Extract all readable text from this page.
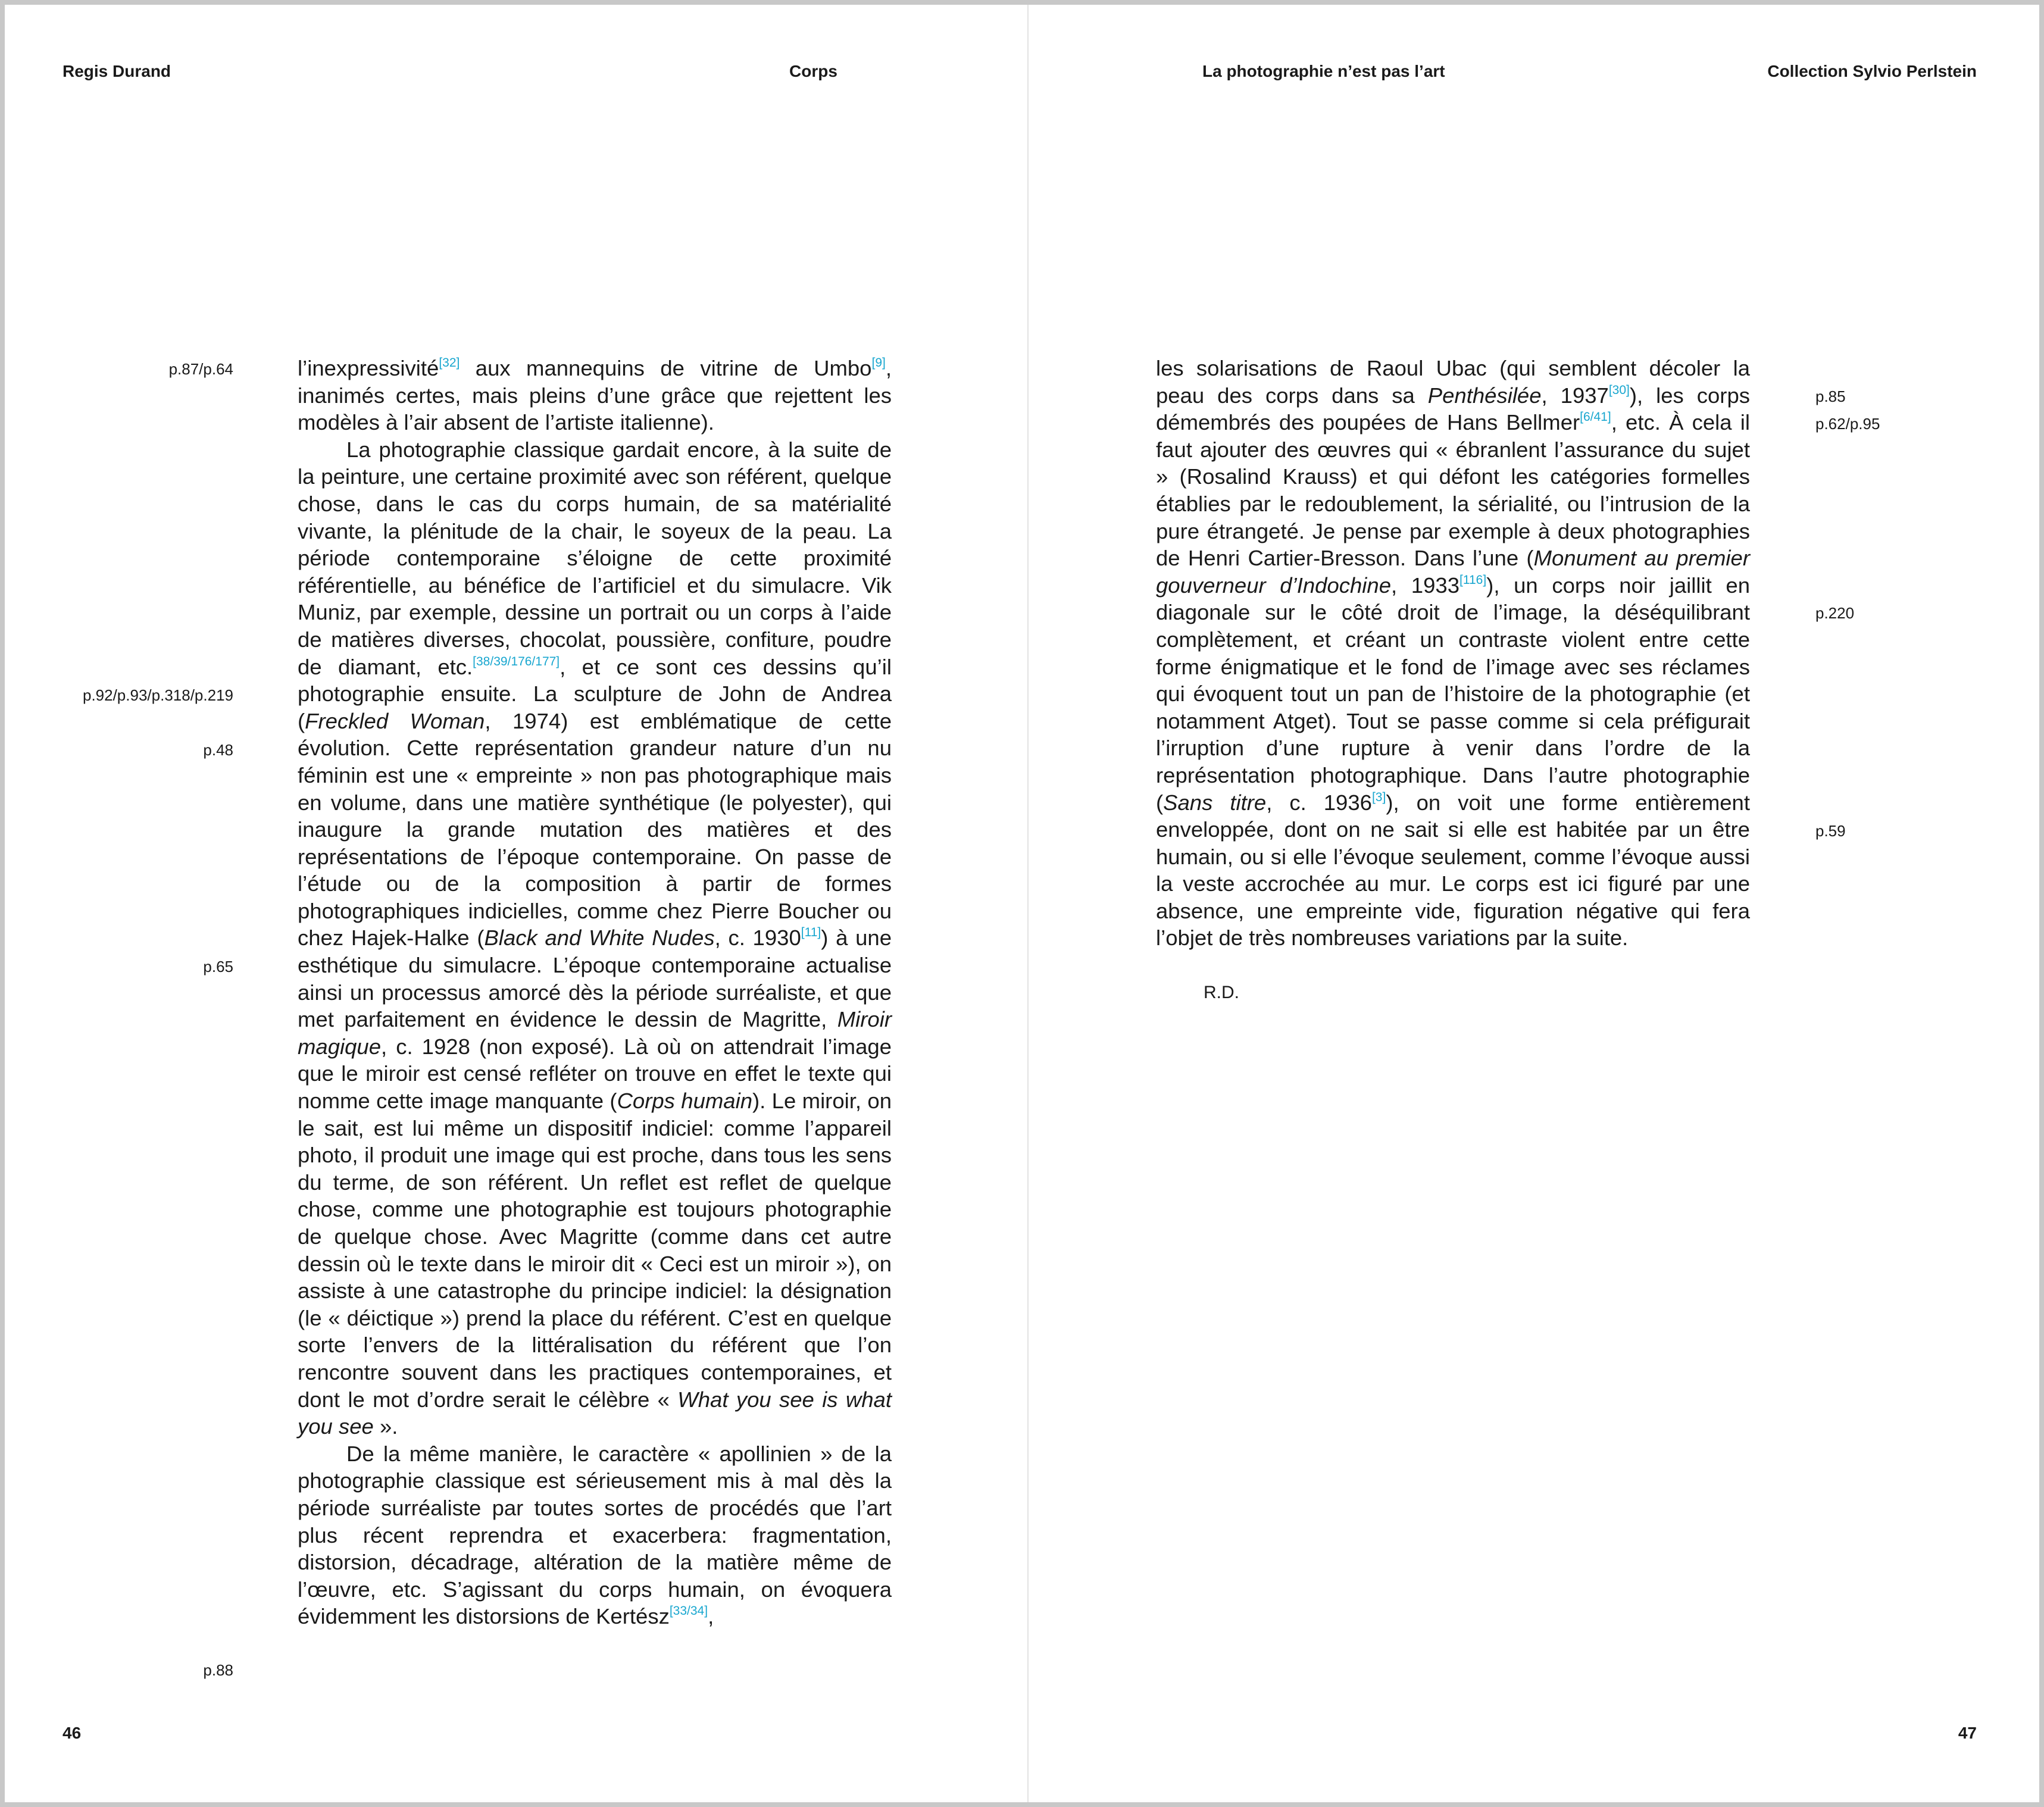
Regis Durand	Corps	La photographie n’est pas l’art	Collection Sylvio Perlstein
p.87/p.64
p.92/p.93/p.318/p.219
p.48
p.65
p.88
p.85
p.62/p.95
p.220
p.59

l’inexpressivité[32] aux mannequins de vitrine de Umbo[9], inanimés certes, mais pleins d’une grâce que rejettent les modèles à l’air absent de l’artiste italienne).

La photographie classique gardait encore, à la suite de la peinture, une certaine proximité avec son référent, quelque chose, dans le cas du corps humain, de sa matérialité vivante, la plénitude de la chair, le soyeux de la peau. La période contemporaine s’éloigne de cette proximité référentielle, au bénéfice de l’artificiel et du simulacre. Vik Muniz, par exemple, dessine un portrait ou un corps à l’aide de matières diverses, chocolat, poussière, confiture, poudre de diamant, etc.[38/39/176/177], et ce sont ces dessins qu’il photographie ensuite. La sculpture de John de Andrea (Freckled Woman, 1974) est emblématique de cette évolution. Cette représentation grandeur nature d’un nu féminin est une « empreinte » non pas photographique mais en volume, dans une matière synthétique (le polyester), qui inaugure la grande mutation des matières et des représentations de l’époque contemporaine. On passe de l’étude ou de la composition à partir de formes photographiques indicielles, comme chez Pierre Boucher ou chez Hajek-Halke (Black and White Nudes, c. 1930[11]) à une esthétique du simulacre. L’époque contemporaine actualise ainsi un processus amorcé dès la période surréaliste, et que met parfaitement en évidence le dessin de Magritte, Miroir magique, c. 1928 (non exposé). Là où on attendrait l’image que le miroir est censé refléter on trouve en effet le texte qui nomme cette image manquante (Corps humain). Le miroir, on le sait, est lui même un dispositif indiciel: comme l’appareil photo, il produit une image qui est proche, dans tous les sens du terme, de son référent. Un reflet est reflet de quelque chose, comme une photographie est toujours photographie de quelque chose. Avec Magritte (comme dans cet autre dessin où le texte dans le miroir dit « Ceci est un miroir »), on assiste à une catastrophe du principe indiciel: la désignation (le « déictique ») prend la place du référent. C’est en quelque sorte l’envers de la littéralisation du référent que l’on rencontre souvent dans les practiques contemporaines, et dont le mot d’ordre serait le célèbre « What you see is what you see ».

De la même manière, le caractère « apollinien » de la photographie classique est sérieusement mis à mal dès la période surréaliste par toutes sortes de procédés que l’art plus récent reprendra et exacerbera: fragmentation, distorsion, décadrage, altération de la matière même de l’œuvre, etc. S’agissant du corps humain, on évoquera évidemment les distorsions de Kertész[33/34],

les solarisations de Raoul Ubac (qui semblent décoler la peau des corps dans sa Penthésilée, 1937[30]), les corps démembrés des poupées de Hans Bellmer[6/41], etc. À cela il faut ajouter des œuvres qui « ébranlent l’assurance du sujet » (Rosalind Krauss) et qui défont les catégories formelles établies par le redoublement, la sérialité, ou l’intrusion de la pure étrangeté. Je pense par exemple à deux photographies de Henri Cartier-Bresson. Dans l’une (Monument au premier gouverneur d’Indochine, 1933[116]), un corps noir jaillit en diagonale sur le côté droit de l’image, la déséquilibrant complètement, et créant un contraste violent entre cette forme énigmatique et le fond de l’image avec ses réclames qui évoquent tout un pan de l’histoire de la photographie (et notamment Atget). Tout se passe comme si cela préfigurait l’irruption d’une rupture à venir dans l’ordre de la représentation photographique. Dans l’autre photographie (Sans titre, c. 1936[3]), on voit une forme entièrement enveloppée, dont on ne sait si elle est habitée par un être humain, ou si elle l’évoque seulement, comme l’évoque aussi la veste accrochée au mur. Le corps est ici figuré par une absence, une empreinte vide, figuration négative qui fera l’objet de très nombreuses variations par la suite.

R.D.

46	47
